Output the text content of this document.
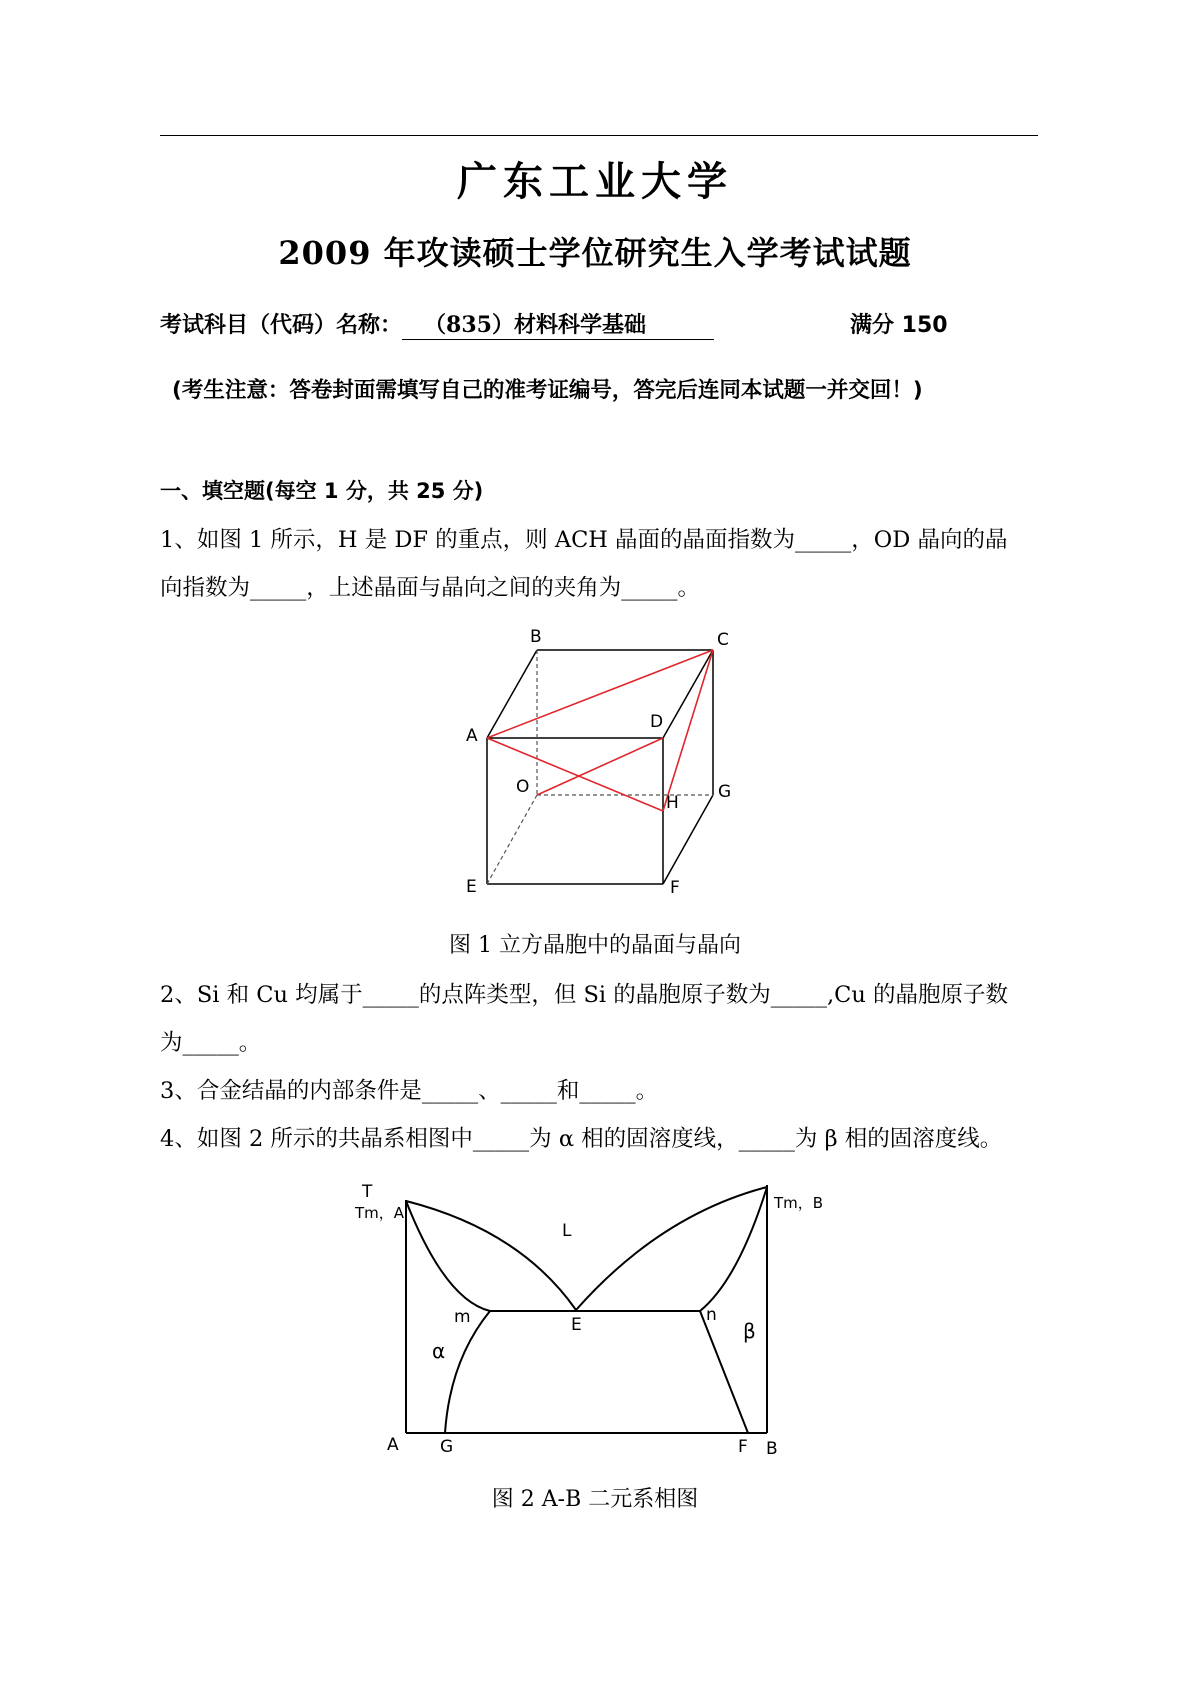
广东工业大学
2009 年攻读硕士学位研究生入学考试试题
考试科目（代码）名称： （835）材料科学基础	满分 150
(考生注意：答卷封面需填写自己的准考证编号，答完后连同本试题一并交回！)
一、填空题(每空 1 分，共 25 分)
1、如图 1 所示，H 是 DF 的重点，则 ACH 晶面的晶面指数为_____，OD 晶向的晶
向指数为_____，上述晶面与晶向之间的夹角为_____。
B	C
D
A
O
H
G
E	F
图 1 立方晶胞中的晶面与晶向
2、Si 和 Cu 均属于_____的点阵类型，但 Si 的晶胞原子数为_____,Cu 的晶胞原子数
为_____。
3、合金结晶的内部条件是_____、_____和_____。
4、如图 2 所示的共晶系相图中_____为 α 相的固溶度线，_____为 β 相的固溶度线。
T
Tm，A
Tm，B
L
m	E	n
α
β
A G	F B
图 2 A-B 二元系相图
